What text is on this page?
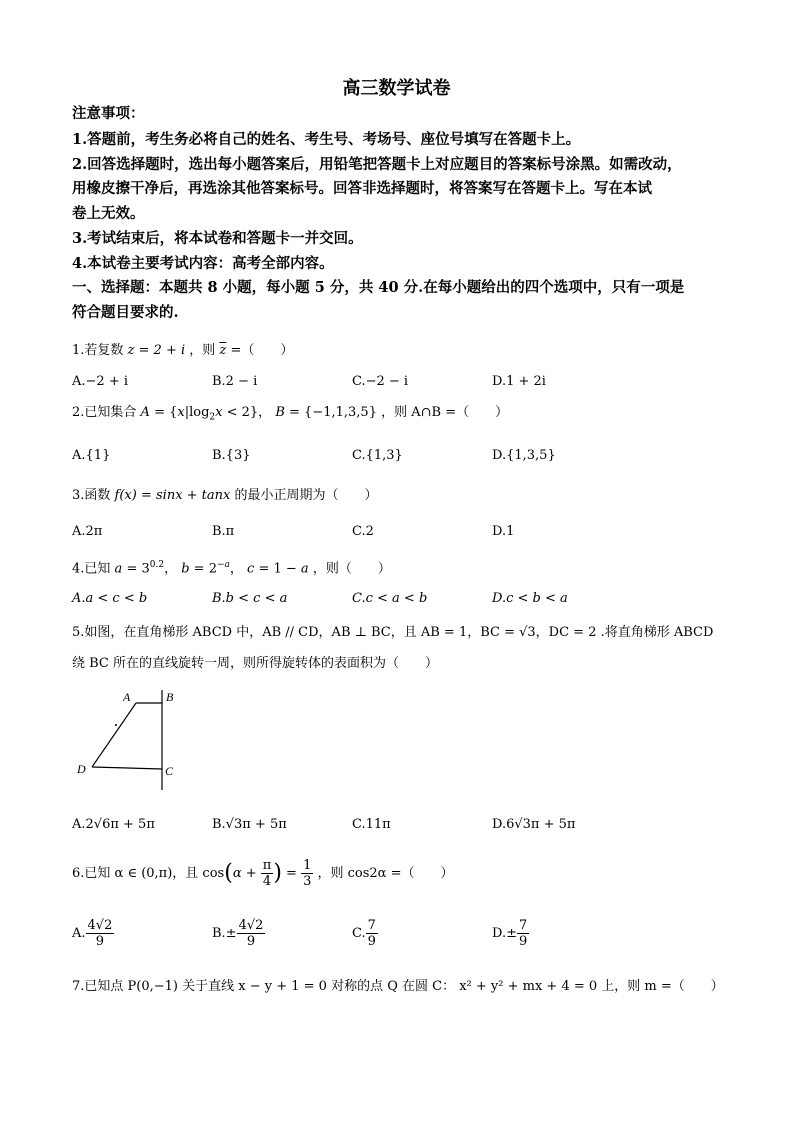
高三数学试卷
注意事项：
1.答题前，考生务必将自己的姓名、考生号、考场号、座位号填写在答题卡上。
2.回答选择题时，选出每小题答案后，用铅笔把答题卡上对应题目的答案标号涂黑。如需改动，
用橡皮擦干净后，再选涂其他答案标号。回答非选择题时，将答案写在答题卡上。写在本试
卷上无效。
3.考试结束后，将本试卷和答题卡一并交回。
4.本试卷主要考试内容：高考全部内容。
一、选择题：本题共 8 小题，每小题 5 分，共 40 分.在每小题给出的四个选项中，只有一项是
符合题目要求的.
1.若复数 z = 2 + i ，则 $\overline{z}$ =（　　）
A.−2 + i	B.2 − i	C.−2 − i	D.1 + 2i
2.已知集合 $A = \{x|\log_2x < 2\}$， B = {−1,1,3,5} ，则 A∩B =（　　）
A.{1}	B.{3}	C.{1,3}	D.{1,3,5}
3.函数 f(x) = sinx + tanx 的最小正周期为（　　）
A.2π	B.π	C.2	D.1
4.已知 $a = 3^{0.2}$， $b = 2^{-a}$， c = 1 − a ，则（　　）
A.a < c < b	B.b < c < a	C.c < a < b	D.c < b < a
5.如图，在直角梯形 ABCD 中，AB // CD，AB ⊥ BC，且 AB = 1，BC = √3，DC = 2 .将直角梯形 ABCD
绕 BC 所在的直线旋转一周，则所得旋转体的表面积为（　　）
A	B
D	C
A.2√6π + 5π	B.√3π + 5π	C.11π	D.6√3π + 5π
6.已知 α ∈ (0,π)，且 $\cos(\alpha + \frac{\pi}{4}$ ) = $\frac{1}{3}$ ，则 cos2α =（　　）
A. $\frac{4√2}{9}$	$B.\pm \frac{4√2}{9}$	C. $\frac{7}{9}$	$D.\pm \frac{7}{9}$
7.已知点 P(0,−1) 关于直线 x − y + 1 = 0 对称的点 Q 在圆 C： x² + y² + mx + 4 = 0 上，则 m =（　　）
